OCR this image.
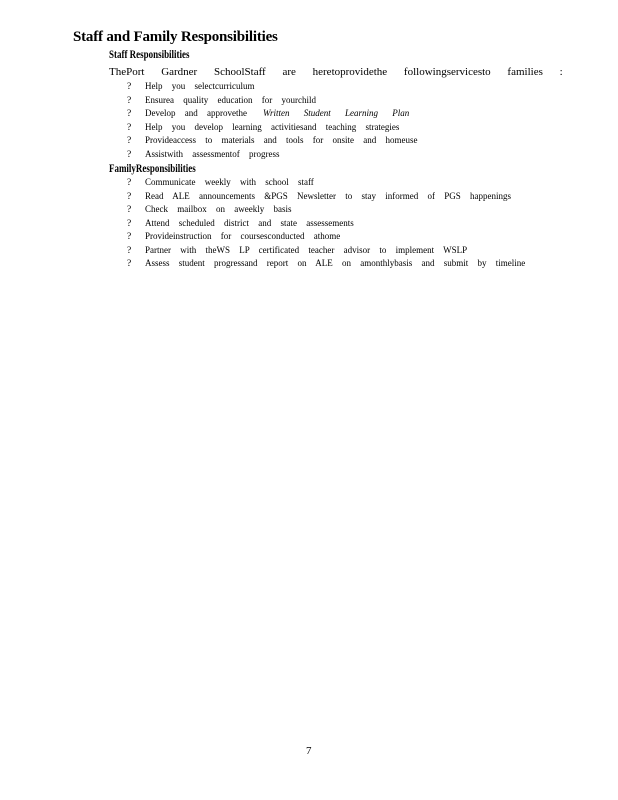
Staff and Family Responsibilities
Staff Responsibilities
ThePort Gardner SchoolStaff are heretoprovidethe followingservicesto families :
?	Help you selectcurriculum
?	Ensurea quality education for yourchild
?	Develop and approvethe Written Student Learning Plan
?	Help you develop learning activitiesand teaching strategies
?	Provideaccess to materials and tools for onsite and homeuse
?	Assistwith assessmentof progress
FamilyResponsibilities
?	Communicate weekly with school staff
?	Read ALE announcements &PGS Newsletter to stay informed of PGS happenings
?	Check mailbox on aweekly basis
?	Attend scheduled district and state assessements
?	Provideinstruction for coursesconducted athome
?	Partner with theWS LP certificated teacher advisor to implement WSLP
?	Assess student progressand report on ALE on amonthlybasis and submit by timeline
7
